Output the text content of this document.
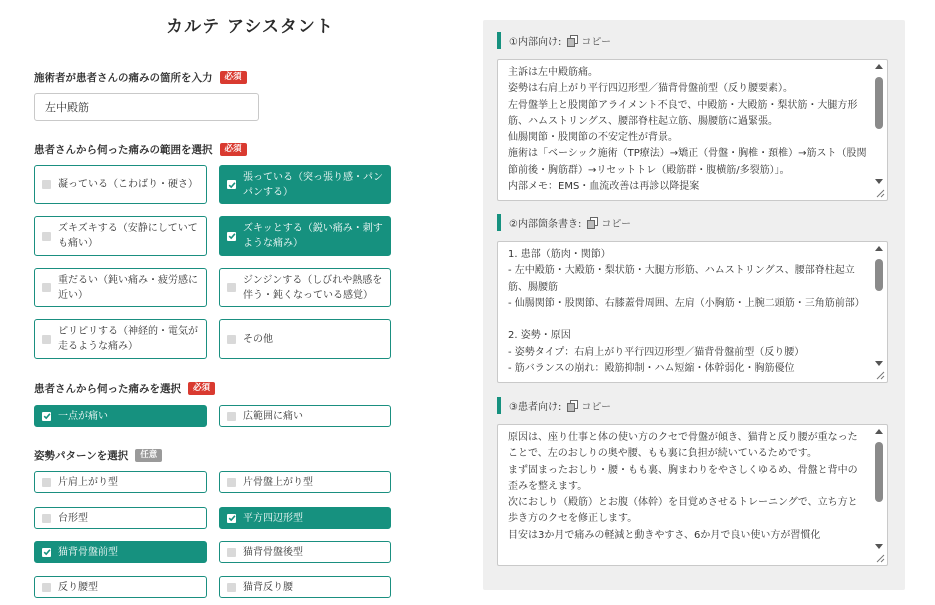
カルテ アシスタント
施術者が患者さんの痛みの箇所を入力	必須
左中殿筋
患者さんから伺った痛みの範囲を選択	必須
凝っている（こわばり・硬さ）
張っている（突っ張り感・パンパンする）
ズキズキする（安静にしていても痛い）
ズキッとする（鋭い痛み・刺すような痛み）
重だるい（鈍い痛み・疲労感に近い）
ジンジンする（しびれや熱感を伴う・鈍くなっている感覚）
ピリピリする（神経的・電気が走るような痛み）
その他
患者さんから伺った痛みを選択	必須
一点が痛い	広範囲に痛い
姿勢パターンを選択	任意
片肩上がり型	片骨盤上がり型
台形型	平方四辺形型
猫背骨盤前型	猫背骨盤後型
反り腰型	猫背反り腰
①内部向け: コピー
主訴は左中殿筋痛。
姿勢は右肩上がり平行四辺形型／猫背骨盤前型（反り腰要素）。
左骨盤挙上と股関節アライメント不良で、中殿筋・大殿筋・梨状筋・大腿方形筋、ハムストリングス、腰部脊柱起立筋、腸腰筋に過緊張。
仙腸関節・股関節の不安定性が背景。
施術は「ベーシック施術（TP療法）→矯正（骨盤・胸椎・頚椎）→筋スト（股関節前後・胸筋群）→リセットトレ（殿筋群・腹横筋/多裂筋）」。
内部メモ：EMS・血流改善は再診以降提案
②内部箇条書き: コピー
1. 患部（筋肉・関節）
- 左中殿筋・大殿筋・梨状筋・大腿方形筋、ハムストリングス、腰部脊柱起立筋、腸腰筋
- 仙腸関節・股関節、右膝蓋骨周囲、左肩（小胸筋・上腕二頭筋・三角筋前部）

2. 姿勢・原因
- 姿勢タイプ：右肩上がり平行四辺形型／猫背骨盤前型（反り腰）
- 筋バランスの崩れ：殿筋抑制・ハム短縮・体幹弱化・胸筋優位
③患者向け: コピー
原因は、座り仕事と体の使い方のクセで骨盤が傾き、猫背と反り腰が重なったことで、左のおしりの奥や腰、もも裏に負担が続いているためです。
まず固まったおしり・腰・もも裏、胸まわりをやさしくゆるめ、骨盤と背中の歪みを整えます。
次におしり（殿筋）とお腹（体幹）を目覚めさせるトレーニングで、立ち方と歩き方のクセを修正します。
目安は3か月で痛みの軽減と動きやすさ、6か月で良い使い方が習慣化
